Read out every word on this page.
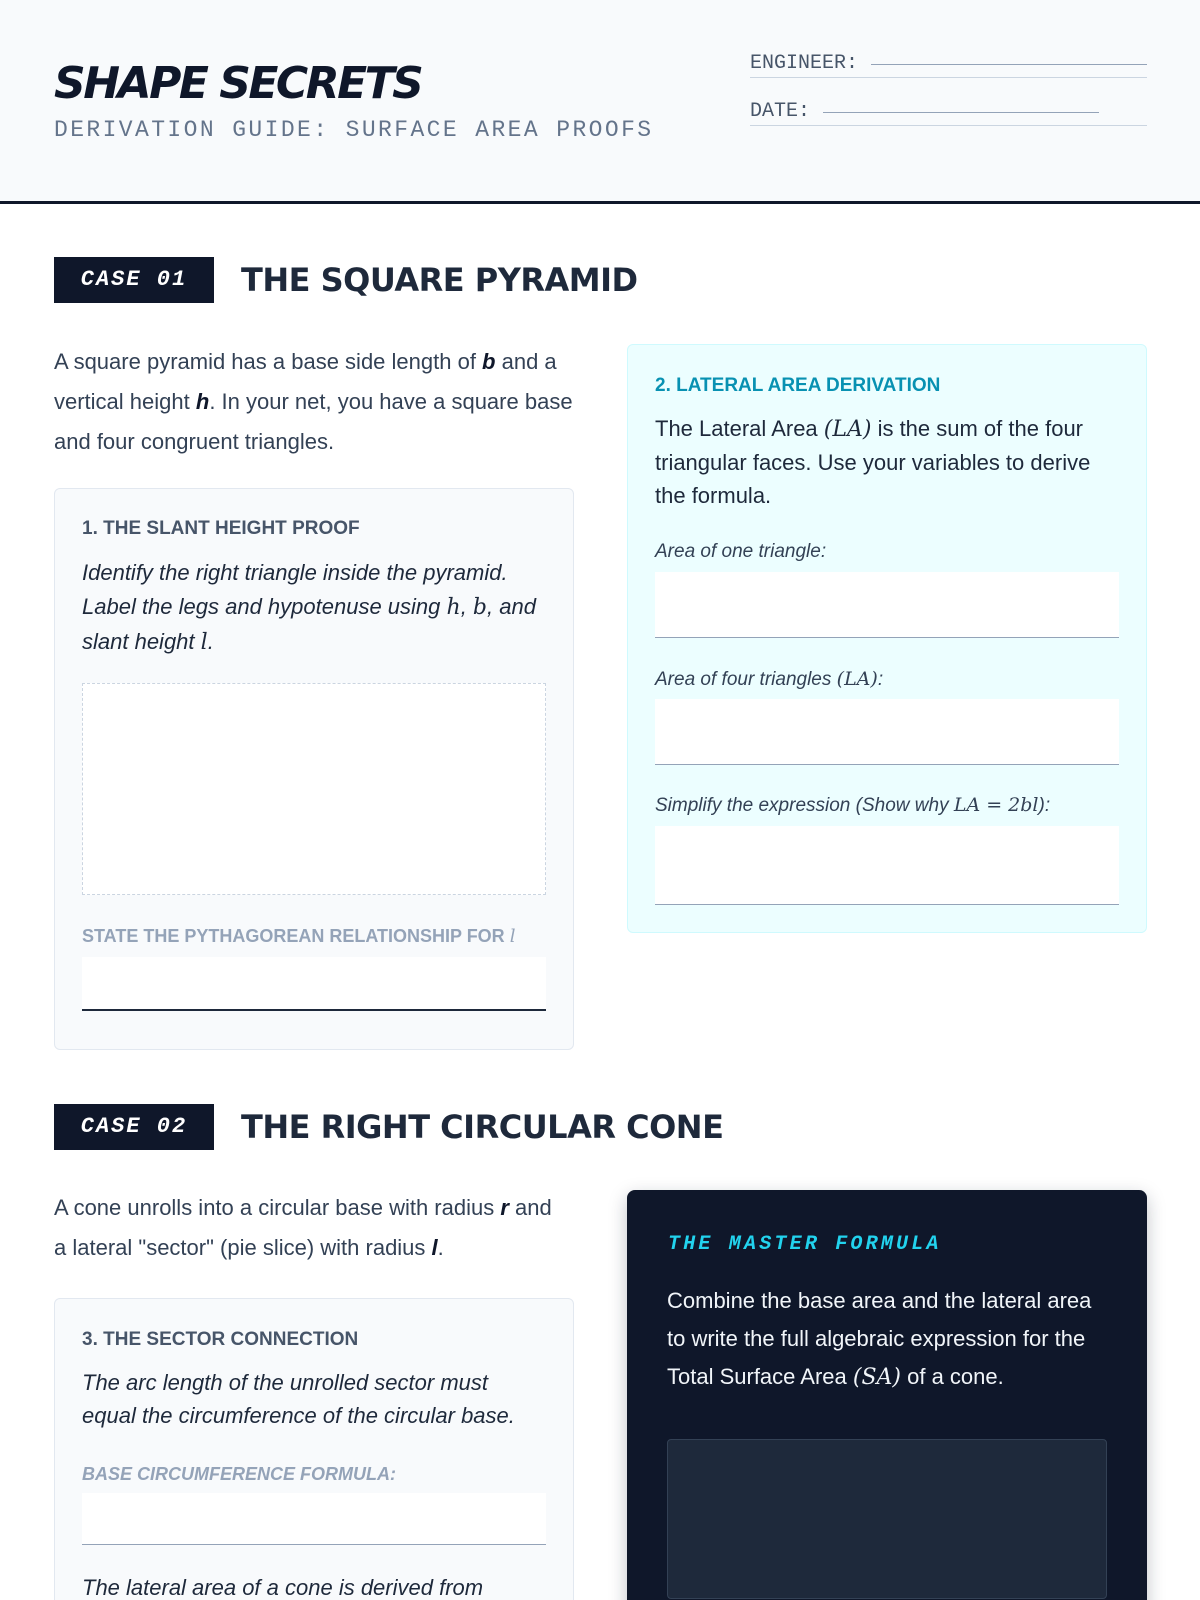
SHAPE SECRETS
DERIVATION GUIDE: SURFACE AREA PROOFS
ENGINEER:
DATE:
CASE 01	THE SQUARE PYRAMID
A square pyramid has a base side length of b and a vertical height h. In your net, you have a square base and four congruent triangles.
1. THE SLANT HEIGHT PROOF
Identify the right triangle inside the pyramid. Label the legs and hypotenuse using h, b, and slant height l.
STATE THE PYTHAGOREAN RELATIONSHIP FOR l
2. LATERAL AREA DERIVATION
The Lateral Area (LA) is the sum of the four triangular faces. Use your variables to derive the formula.
Area of one triangle:
Area of four triangles (LA):
Simplify the expression (Show why LA = 2bl):
CASE 02	THE RIGHT CIRCULAR CONE
A cone unrolls into a circular base with radius r and a lateral "sector" (pie slice) with radius l.
3. THE SECTOR CONNECTION
The arc length of the unrolled sector must equal the circumference of the circular base.
BASE CIRCUMFERENCE FORMULA:
The lateral area of a cone is derived from
THE MASTER FORMULA
Combine the base area and the lateral area to write the full algebraic expression for the Total Surface Area (SA) of a cone.
